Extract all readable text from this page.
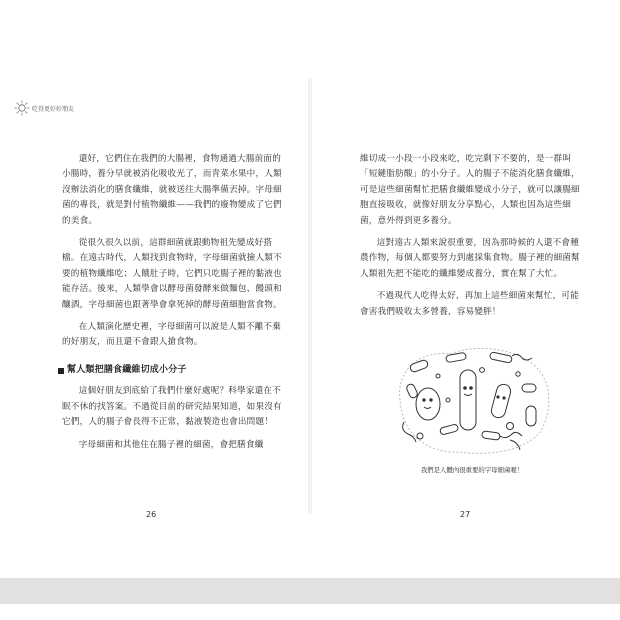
吃得更好好朋友

還好，它們住在我們的大腸裡，食物通過大腸前面的小腸時，養分早就被消化吸收光了，而青菜水果中，人類沒辦法消化的膳食纖維，就被送往大腸準備丟掉。字母細菌的專長，就是對付植物纖維——我們的廢物變成了它們的美食。

從很久很久以前，這群細菌就跟動物祖先變成好搭檔。在遠古時代，人類找到食物時，字母細菌就撿人類不要的植物纖維吃；人餓肚子時，它們只吃腸子裡的黏液也能存活。後來，人類學會以酵母菌發酵來做麵包、饅頭和釀酒，字母細菌也跟著學會拿死掉的酵母菌細胞當食物。

在人類演化歷史裡，字母細菌可以說是人類不離不棄的好朋友，而且還不會跟人搶食物。

幫人類把膳食纖維切成小分子

這個好朋友到底給了我們什麼好處呢？科學家還在不眠不休的找答案。不過從目前的研究結果知道，如果沒有它們，人的腸子會長得不正常，黏液製造也會出問題！

字母細菌和其他住在腸子裡的細菌，會把膳食纖

26

維切成一小段一小段來吃，吃完剩下不要的，是一群叫「短鏈脂肪酸」的小分子。人的腸子不能消化膳食纖維，可是這些細菌幫忙把膳食纖維變成小分子，就可以讓腸細胞直接吸收，就像好朋友分享點心，人類也因為這些細菌，意外得到更多養分。

這對遠古人類來說很重要，因為那時候的人還不會種農作物，每個人都要努力到處採集食物。腸子裡的細菌幫人類祖先把不能吃的纖維變成養分，實在幫了大忙。

不過現代人吃得太好，再加上這些細菌來幫忙，可能會害我們吸收太多營養，容易變胖！

我們是人體內很重要的字母細菌喔！
27
